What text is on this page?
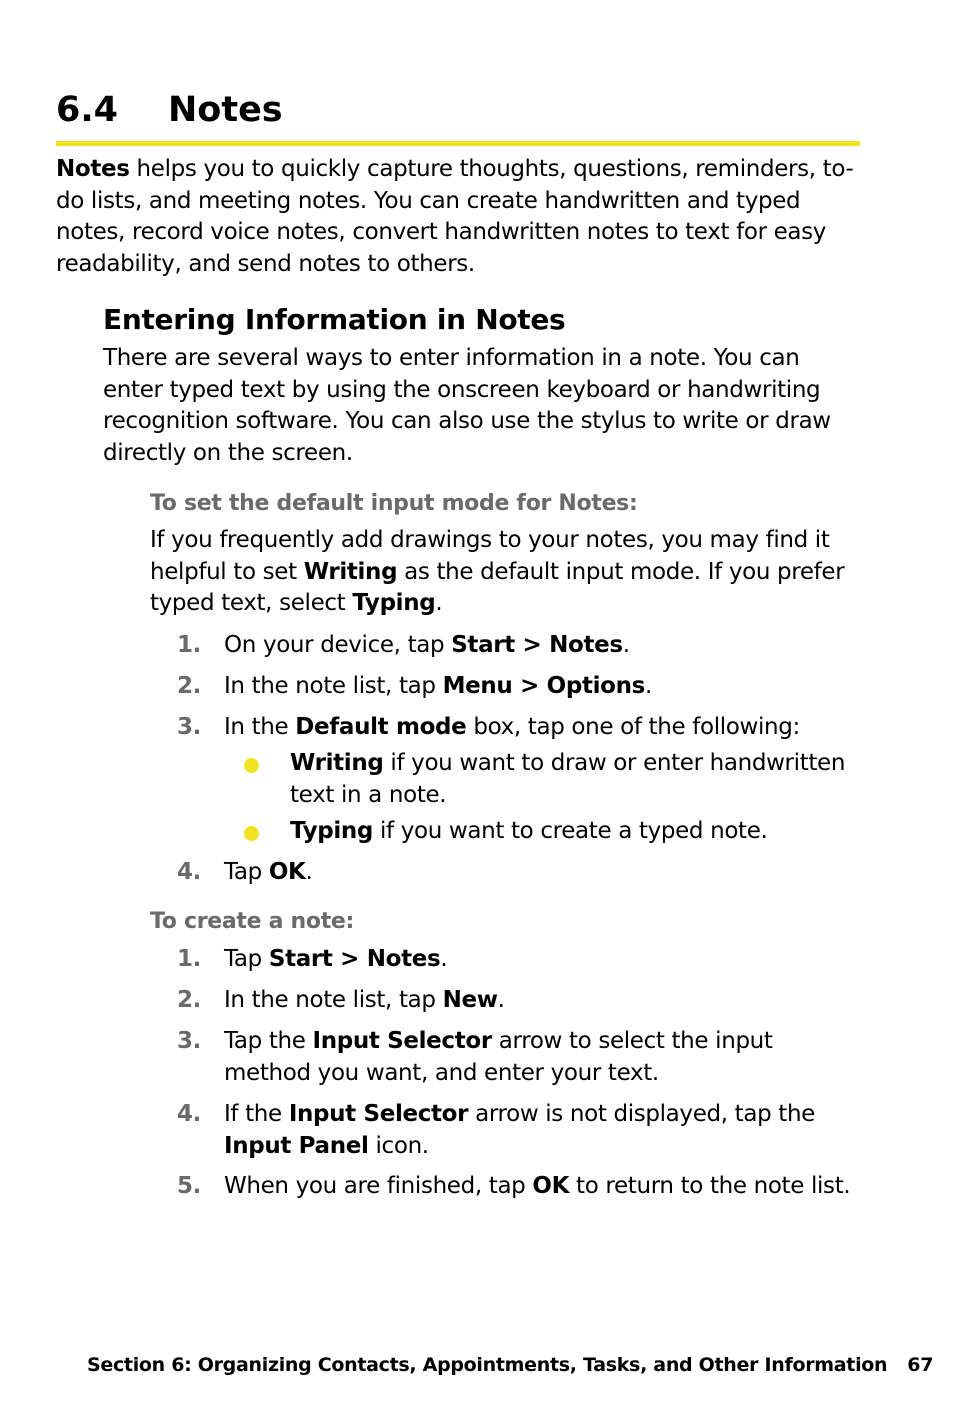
6.4 Notes

Notes helps you to quickly capture thoughts, questions, reminders, to-do lists, and meeting notes. You can create handwritten and typed notes, record voice notes, convert handwritten notes to text for easy readability, and send notes to others.

Entering Information in Notes

There are several ways to enter information in a note. You can enter typed text by using the onscreen keyboard or handwriting recognition software. You can also use the stylus to write or draw directly on the screen.

To set the default input mode for Notes:

If you frequently add drawings to your notes, you may find it helpful to set Writing as the default input mode. If you prefer typed text, select Typing.

1. On your device, tap Start > Notes.
2. In the note list, tap Menu > Options.
3. In the Default mode box, tap one of the following:
Writing if you want to draw or enter handwritten text in a note.
Typing if you want to create a typed note.
4. Tap OK.
To create a note:
1. Tap Start > Notes.
2. In the note list, tap New.
3. Tap the Input Selector arrow to select the input method you want, and enter your text.
4. If the Input Selector arrow is not displayed, tap the Input Panel icon.
5. When you are finished, tap OK to return to the note list.
Section 6: Organizing Contacts, Appointments, Tasks, and Other Information 67
